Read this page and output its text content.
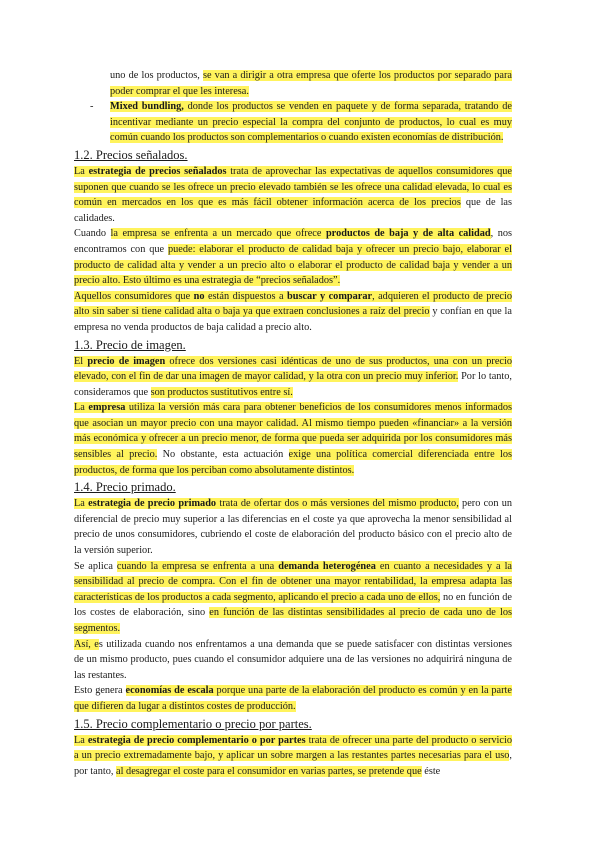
uno de los productos, se van a dirigir a otra empresa que oferte los productos por separado para poder comprar el que les interesa.

- Mixed bundling, donde los productos se venden en paquete y de forma separada, tratando de incentivar mediante un precio especial la compra del conjunto de productos, lo cual es muy común cuando los productos son complementarios o cuando existen economías de distribución.

1.2. Precios señalados.

La estrategia de precios señalados trata de aprovechar las expectativas de aquellos consumidores que suponen que cuando se les ofrece un precio elevado también se les ofrece una calidad elevada, lo cual es común en mercados en los que es más fácil obtener información acerca de los precios que de las calidades.

Cuando la empresa se enfrenta a un mercado que ofrece productos de baja y de alta calidad, nos encontramos con que puede: elaborar el producto de calidad baja y ofrecer un precio bajo, elaborar el producto de calidad alta y vender a un precio alto o elaborar el producto de calidad baja y vender a un precio alto. Esto último es una estrategia de “precios señalados”.

Aquellos consumidores que no están dispuestos a buscar y comparar, adquieren el producto de precio alto sin saber si tiene calidad alta o baja ya que extraen conclusiones a raíz del precio y confían en que la empresa no venda productos de baja calidad a precio alto.

1.3. Precio de imagen.

El precio de imagen ofrece dos versiones casi idénticas de uno de sus productos, una con un precio elevado, con el fin de dar una imagen de mayor calidad, y la otra con un precio muy inferior. Por lo tanto, consideramos que son productos sustitutivos entre sí.

La empresa utiliza la versión más cara para obtener beneficios de los consumidores menos informados que asocian un mayor precio con una mayor calidad. Al mismo tiempo pueden «financiar» a la versión más económica y ofrecer a un precio menor, de forma que pueda ser adquirida por los consumidores más sensibles al precio. No obstante, esta actuación exige una política comercial diferenciada entre los productos, de forma que los perciban como absolutamente distintos.

1.4. Precio primado.

La estrategia de precio primado trata de ofertar dos o más versiones del mismo producto, pero con un diferencial de precio muy superior a las diferencias en el coste ya que aprovecha la menor sensibilidad al precio de unos consumidores, cubriendo el coste de elaboración del producto básico con el precio alto de la versión superior.

Se aplica cuando la empresa se enfrenta a una demanda heterogénea en cuanto a necesidades y a la sensibilidad al precio de compra. Con el fin de obtener una mayor rentabilidad, la empresa adapta las características de los productos a cada segmento, aplicando el precio a cada uno de ellos, no en función de los costes de elaboración, sino en función de las distintas sensibilidades al precio de cada uno de los segmentos.

Así, es utilizada cuando nos enfrentamos a una demanda que se puede satisfacer con distintas versiones de un mismo producto, pues cuando el consumidor adquiere una de las versiones no adquirirá ninguna de las restantes.

Esto genera economías de escala porque una parte de la elaboración del producto es común y en la parte que difieren da lugar a distintos costes de producción.

1.5. Precio complementario o precio por partes.

La estrategia de precio complementario o por partes trata de ofrecer una parte del producto o servicio a un precio extremadamente bajo, y aplicar un sobre margen a las restantes partes necesarias para el uso, por tanto, al desagregar el coste para el consumidor en varias partes, se pretende que éste
